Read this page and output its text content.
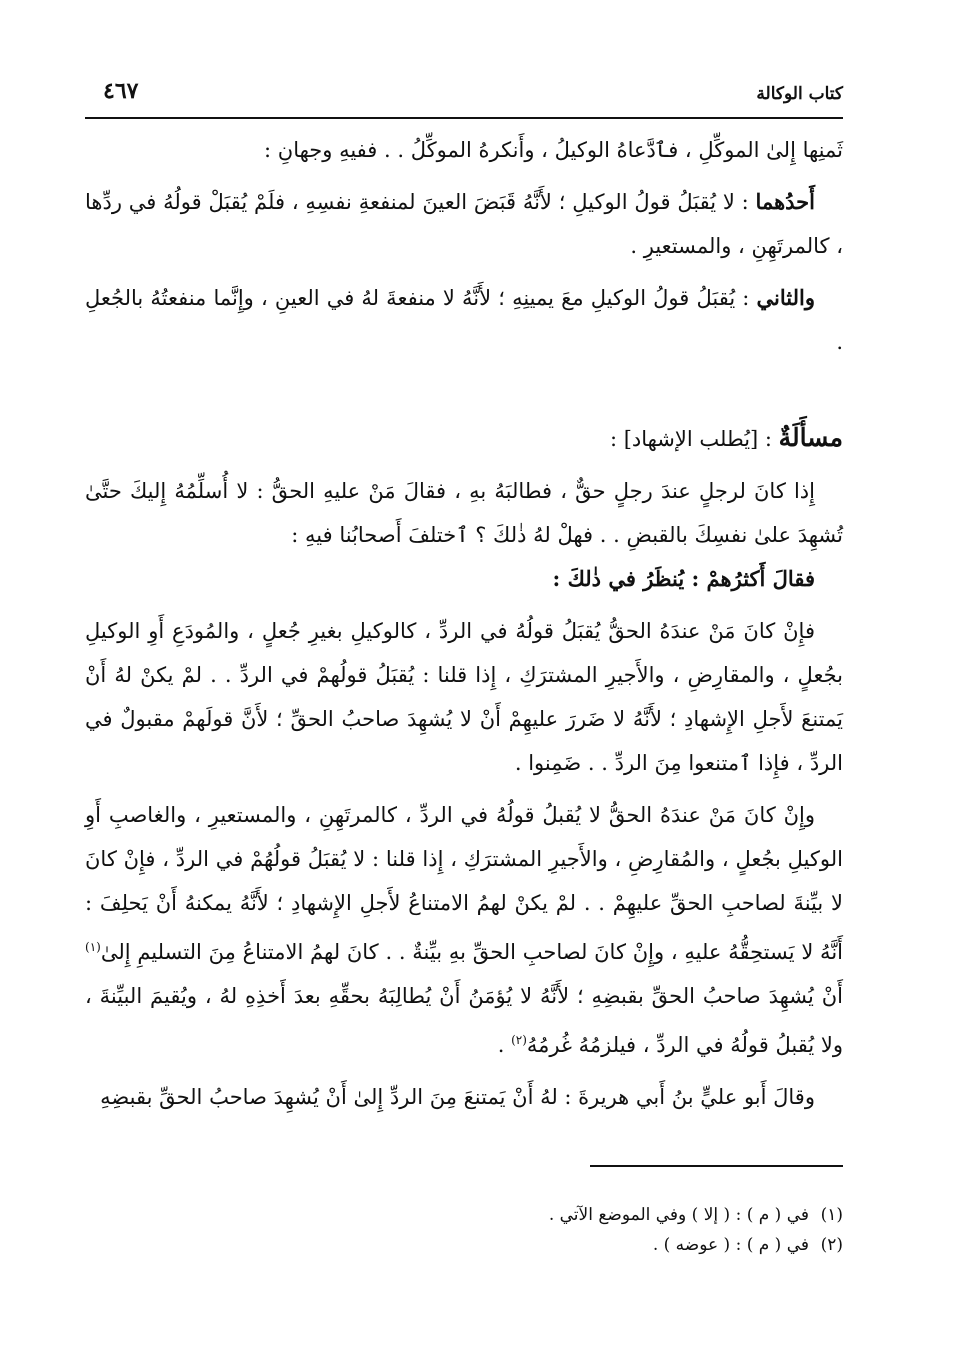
كتاب الوكالة
٤٦٧

ثَمنِها إِلىٰ الموكِّلِ ، فٱدَّعاهُ الوكيلُ ، وأَنكرهُ الموكِّلُ . . ففيهِ وجهانِ :

أَحدُهما : لا يُقبَلُ قولُ الوكيلِ ؛ لأَنَّهُ قَبَضَ العينَ لمنفعةِ نفسِهِ ، فلَمْ يُقبَلْ قولُهُ في ردِّها ، كالمرتَهِنِ ، والمستعيرِ .

والثاني : يُقبَلُ قولُ الوكيلِ معَ يمينِهِ ؛ لأَنَّهُ لا منفعةَ لهُ في العينِ ، وإِنَّما منفعتُهُ بالجُعلِ .

مسأَلَةٌ : [يُطلب الإشهاد] :

إِذا كانَ لرجلٍ عندَ رجلٍ حقٌّ ، فطالبَهُ بهِ ، فقالَ مَنْ عليهِ الحقُّ : لا أُسلِّمُهُ إِليكَ حتَّىٰ تُشهِدَ علىٰ نفسِكَ بالقبضِ . . فهلْ لهُ ذٰلكَ ؟ ٱختلفَ أَصحابُنا فيهِ :

فقالَ أَكثرُهمْ : يُنظَرُ في ذٰلكَ :

فإِنْ كانَ مَنْ عندَهُ الحقُّ يُقبَلُ قولُهُ في الردِّ ، كالوكيلِ بغيرِ جُعلٍ ، والمُودَعِ أَوِ الوكيلِ بجُعلٍ ، والمقارِضِ ، والأَجيرِ المشترَكِ ، إِذا قلنا : يُقبَلُ قولُهمْ في الردِّ . . لمْ يكنْ لهُ أَنْ يَمتنعَ لأَجلِ الإِشهادِ ؛ لأَنَّهُ لا ضَررَ عليهِمْ أَنْ لا يُشهِدَ صاحبُ الحقِّ ؛ لأَنَّ قولَهمْ مقبولٌ في الردِّ ، فإِذا ٱمتنعوا مِنَ الردِّ . . ضَمِنوا .

وإِنْ كانَ مَنْ عندَهُ الحقُّ لا يُقبلُ قولُهُ في الردِّ ، كالمرتَهِنِ ، والمستعيرِ ، والغاصبِ أَوِ الوكيلِ بجُعلٍ ، والمُقارِضِ ، والأَجيرِ المشترَكِ ، إِذا قلنا : لا يُقبَلُ قولُهُمْ في الردِّ ، فإِنْ كانَ لا بيِّنةَ لصاحبِ الحقِّ عليهِمْ . . لمْ يكنْ لهمُ الامتناعُ لأَجلِ الإِشهادِ ؛ لأَنَّهُ يمكنهُ أَنْ يَحلِفَ : أَنَّهُ لا يَستحِقُّهُ عليهِ ، وإِنْ كانَ لصاحبِ الحقِّ بهِ بيِّنةٌ . . كانَ لهمُ الامتناعُ مِنَ التسليمِ إِلىٰ$^{(١)}$ أَنْ يُشهِدَ صاحبُ الحقِّ بقبضِهِ ؛ لأَنَّهُ لا يُؤمَنُ أَنْ يُطالِبَهُ بحقِّهِ بعدَ أَخذِهِ لهُ ، ويُقيمَ البيِّنةَ ، ولا يُقبلُ قولُهُ في الردِّ ، فيلزمُهُ غُرمُهُ$^{(٢)}$ .

وقالَ أَبو عليٍّ بنُ أَبي هريرةَ : لهُ أَنْ يَمتنعَ مِنَ الردِّ إِلىٰ أَنْ يُشهِدَ صاحبُ الحقِّ بقبضِهِ

(١)في ( م ) : ( إلا ) وفي الموضع الآتي .
(٢)في ( م ) : ( عوضه ) .
